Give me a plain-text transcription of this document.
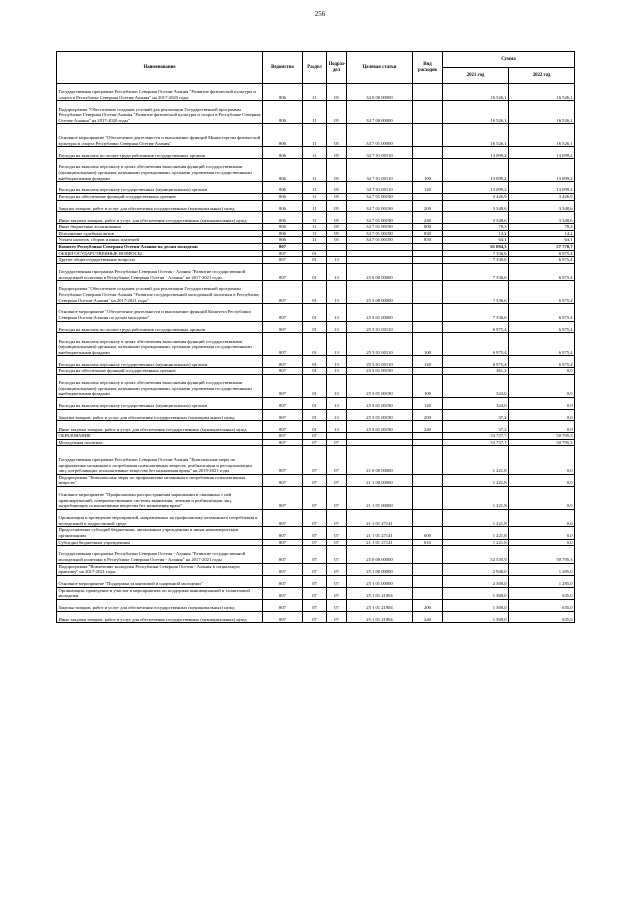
256
Наименование	Ведомство	Раздел	Подраз-дел	Целевая статья	Вид расходов	Сумма	
						2021 год	2022 год
Государственная программа Республики Северная Осетия-Алания "Развитие физической культуры и спорта в Республике Северная Осетия-Алания" на 2017-2020 годы	806	11	05	34 0 00 00000		16 526,1	16 526,1
Подпрограмма "Обеспечение создания условий для реализации Государственной программы Республики Северная Осетия-Алания "Развитие физической культуры и спорта в Республике Северная Осетия-Алания" на 2017-2020 годы"	806	11	05	34 7 00 00000		16 526,1	16 526,1
Основное мероприятие "Обеспечение деятельности и выполнение функций Министерства физической культуры и спорта Республики Северная Осетия-Алания"	806	11	05	34 7 01 00000		16 526,1	16 526,1
Расходы на выплаты по оплате труда работников государственных органов	806	11	05	34 7 01 00110		13 099,2	13 099,2
Расходы на выплаты персоналу в целях обеспечения выполнения функций государственными (муниципальными) органами, казенными учреждениями, органами управления государственными внебюджетными фондами	806	11	05	34 7 01 00110	100	13 099,2	13 099,2
Расходы на выплаты персоналу государственных (муниципальных) органов	806	11	05	34 7 01 00110	120	13 099,2	13 099,2
Расходы на обеспечение функций государственных органов	806	11	05	34 7 01 00190		3 426,9	3 426,9
Закупка товаров, работ и услуг для обеспечения государственных (муниципальных) нужд	806	11	05	34 7 01 00190	200	3 348,6	3 348,6
Иные закупки товаров, работ и услуг для обеспечения государственных (муниципальных) нужд	806	11	05	34 7 01 00190	240	3 348,6	3 348,6
Иные бюджетные ассигнования	806	11	05	34 7 01 00190	800	78,3	78,3
Исполнение судебных актов	806	11	05	34 7 01 00190	830	14,2	14,2
Уплата налогов, сборов и иных платежей	806	11	05	34 7 01 00190	850	64,1	64,1
Комитет Республики Северная Осетия-Алания по делам молодежи	807					61 094,3	57 770,7
ОБЩЕГОСУДАРСТВЕННЫЕ ВОПРОСЫ	807	01				7 336,6	6 975,4
Другие общегосударственные вопросы	807	01	13			7 336,6	6 975,4
Государственная программа Республики Северная Осетия - Алания "Развитие государственной молодежной политики в Республике Северная Осетия - Алания" на 2017-2021 годы	807	01	13	25 0 00 00000		7 336,6	6 975,4
Подпрограмма "Обеспечение создания условий для реализации Государственной программы Республики Северная Осетия-Алания "Развитие государственной молодежной политики в Республике Северная Осетия-Алания" на 2017-2021 годы"	807	01	13	25 3 00 00000		7 336,6	6 975,4
Основное мероприятие "Обеспечение деятельности и выполнение функций Комитета Республики Северная Осетия-Алания по делам молодежи"	807	01	13	25 3 01 00000		7 336,6	6 975,4
Расходы на выплаты по оплате труда работников государственных органов	807	01	13	25 3 01 00110		6 975,4	6 975,4
Расходы на выплаты персоналу в целях обеспечения выполнения функций государственными (муниципальными) органами, казенными учреждениями, органами управления государственными внебюджетными фондами	807	01	13	25 3 01 00110	100	6 975,4	6 975,4
Расходы на выплаты персоналу государственных (муниципальных) органов	807	01	13	25 3 01 00110	120	6 975,4	6 975,4
Расходы на обеспечение функций государственных органов	807	01	13	25 3 01 00190		361,2	0,0
Расходы на выплаты персоналу в целях обеспечения выполнения функций государственными (муниципальными) органами, казенными учреждениями, органами управления государственными внебюджетными фондами	807	01	13	25 3 01 00190	100	324,0	0,0
Расходы на выплаты персоналу государственных (муниципальных) органов	807	01	13	25 3 01 00190	120	324,0	0,0
Закупка товаров, работ и услуг для обеспечения государственных (муниципальных) нужд	807	01	13	25 3 01 00190	200	37,2	0,0
Иные закупки товаров, работ и услуг для обеспечения государственных (муниципальных) нужд	807	01	13	25 3 01 00190	240	37,2	0,0
ОБРАЗОВАНИЕ	807	07				53 757,7	50 795,3
Молодежная политика	807	07	07			53 757,7	50 795,3
Государственная программа Республики Северная Осетия-Алания "Комплексные меры по профилактике незаконного потребления психоактивных веществ, реабилитации и ресоциализации лиц, потребляющих психоактивные вещества без назначения врача" на 2019-2021 годы	807	07	07	21 0 00 00000		1 221,8	0,0
Подпрограмма "Комплексные меры по профилактике незаконного потребления психоактивных веществ"	807	07	07	21 1 00 00000		1 221,8	0,0
Основное мероприятие "Профилактика распространения наркомании и связанных с ней правонарушений; совершенствование системы выявления, лечения и реабилитации лиц, потребляющих психоактивные вещества без назначения врача"	807	07	07	21 1 01 00000		1 221,8	0,0
Организация и проведение мероприятий, направленных на профилактику незаконного потребления в молодежной и подростковой среде	807	07	07	21 1 01 27141		1 221,8	0,0
Предоставление субсидий бюджетным, автономным учреждениям и иным некоммерческим организациям	807	07	07	21 1 01 27141	600	1 221,8	0,0
Субсидии бюджетным учреждениям	807	07	07	21 1 01 27141	610	1 221,8	0,0
Государственная программа Республики Северная Осетия - Алания "Развитие государственной молодежной политики в Республике Северная Осетия - Алания" на 2017-2021 годы	807	07	07	25 0 00 00000		52 535,9	50 795,3
Подпрограмма "Вовлечение молодежи Республики Северная Осетия - Алания в социальную практику" на 2017-2021 годы	807	07	07	25 1 00 00000		2 946,0	1 285,0
Основное мероприятие "Поддержка талантливой и одаренной молодежи"	807	07	07	25 1 01 00000		2 300,0	1 285,0
Организация, проведение и участие в мероприятиях по поддержке инновационной и талантливой молодежи	807	07	07	25 1 01 21904		1 300,0	635,0
Закупка товаров, работ и услуг для обеспечения государственных (муниципальных) нужд	807	07	07	25 1 01 21904	200	1 300,0	635,0
Иные закупки товаров, работ и услуг для обеспечения государственных (муниципальных) нужд	807	07	07	25 1 01 21904	240	1 300,0	635,0
